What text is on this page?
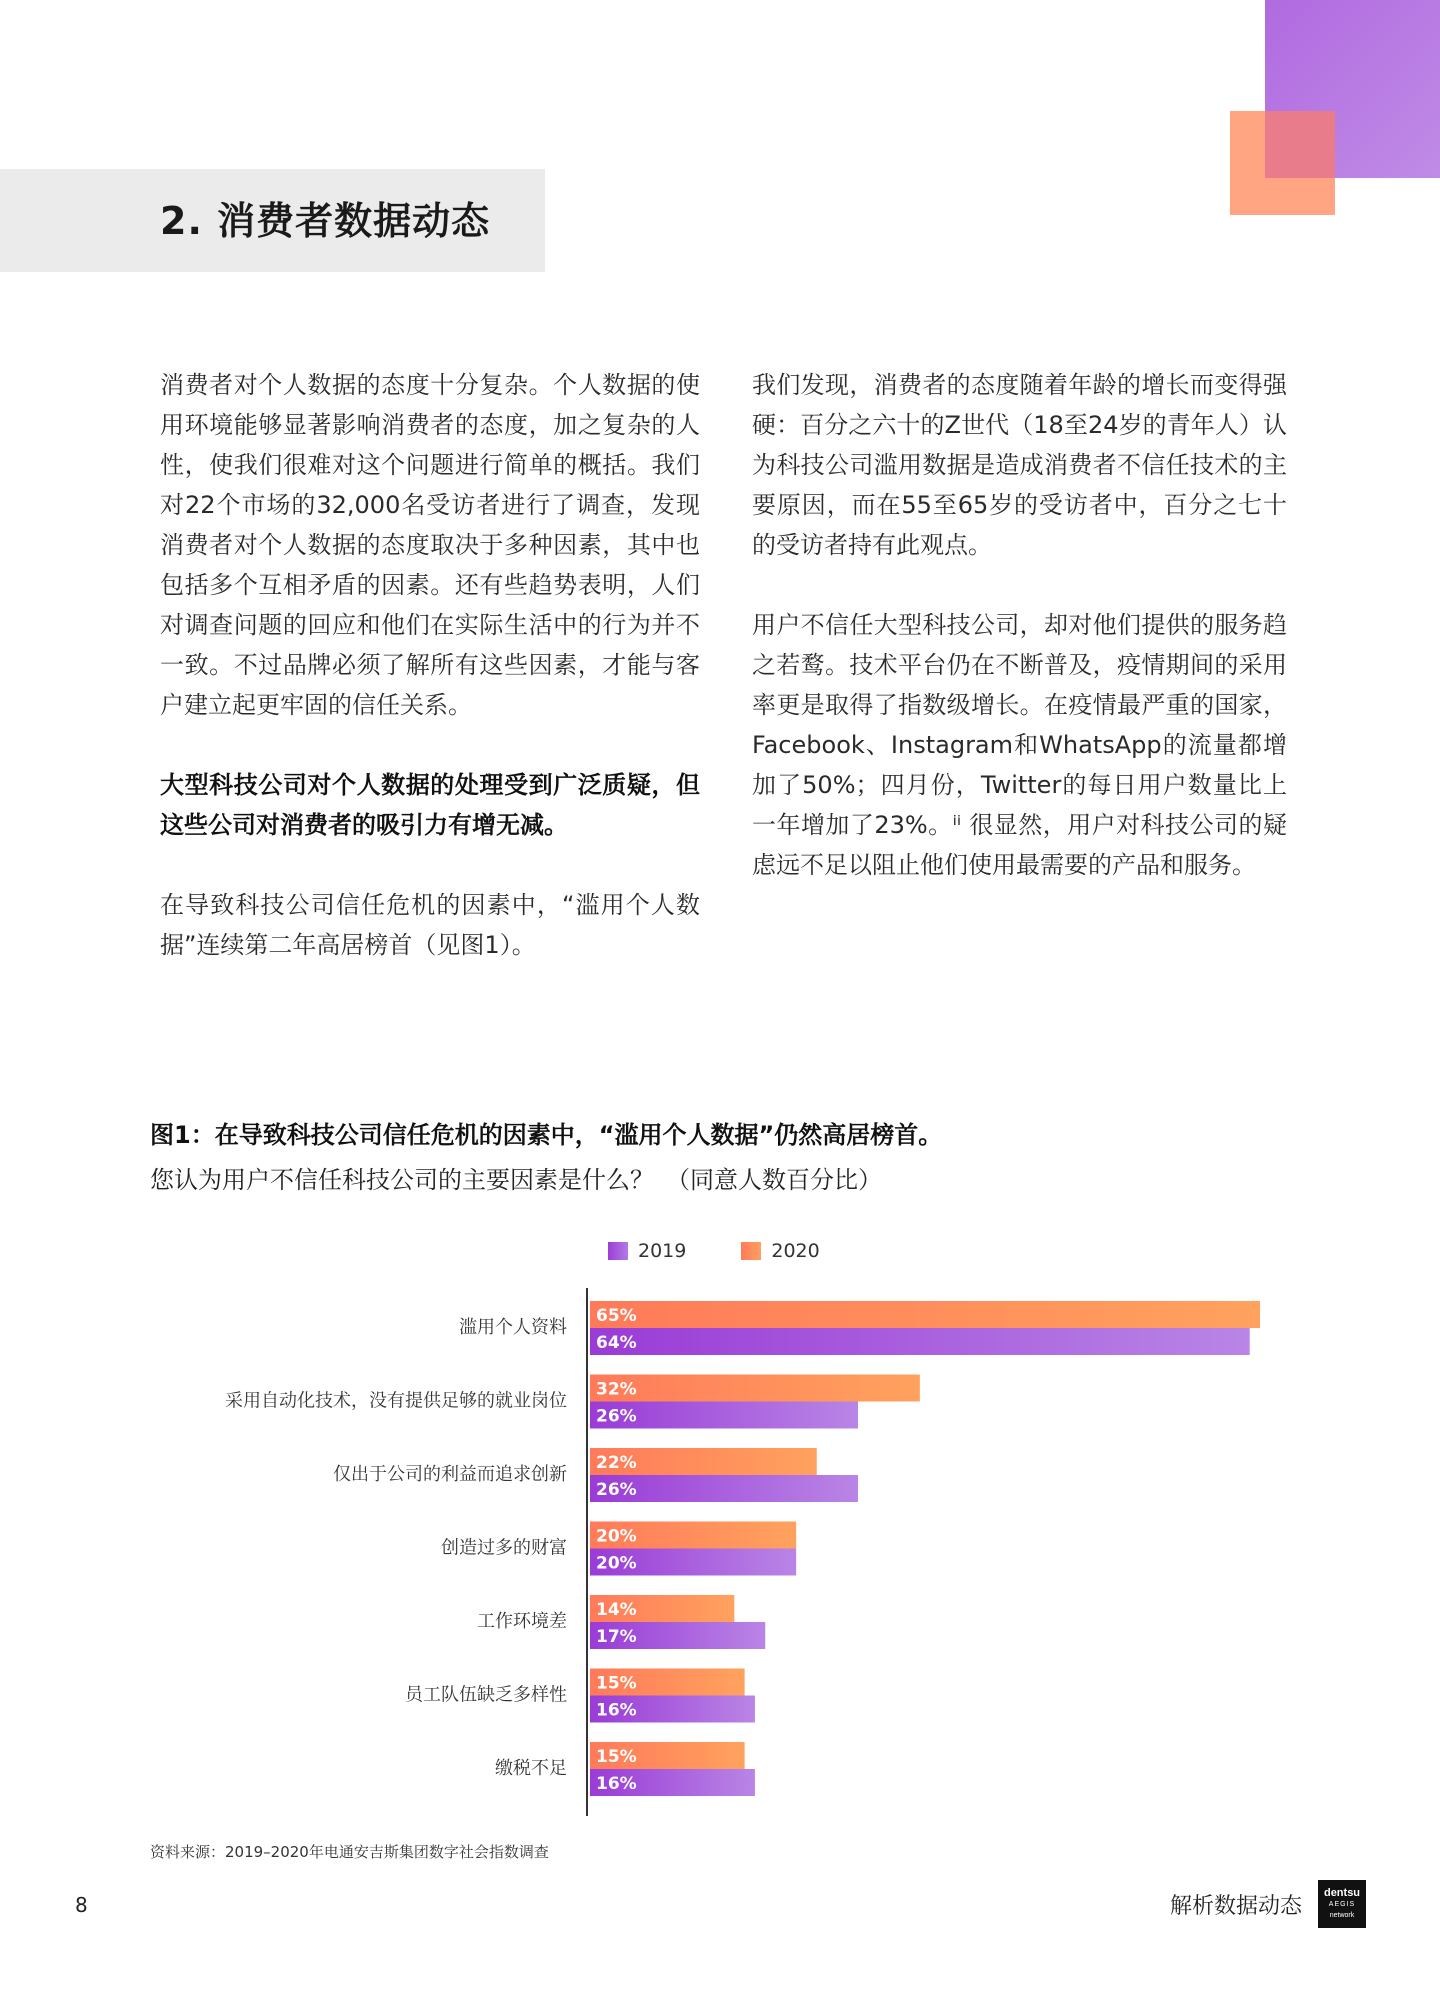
2. 消费者数据动态

消费者对个人数据的态度十分复杂。个人数据的使用环境能够显著影响消费者的态度，加之复杂的人性，使我们很难对这个问题进行简单的概括。我们对22个市场的32,000名受访者进行了调查，发现消费者对个人数据的态度取决于多种因素，其中也包括多个互相矛盾的因素。还有些趋势表明，人们对调查问题的回应和他们在实际生活中的行为并不一致。不过品牌必须了解所有这些因素，才能与客户建立起更牢固的信任关系。

大型科技公司对个人数据的处理受到广泛质疑，但这些公司对消费者的吸引力有增无减。

在导致科技公司信任危机的因素中，“滥用个人数据”连续第二年高居榜首（见图1）。

我们发现，消费者的态度随着年龄的增长而变得强硬：百分之六十的Z世代（18至24岁的青年人）认为科技公司滥用数据是造成消费者不信任技术的主要原因，而在55至65岁的受访者中，百分之七十的受访者持有此观点。

用户不信任大型科技公司，却对他们提供的服务趋之若鹜。技术平台仍在不断普及，疫情期间的采用率更是取得了指数级增长。在疫情最严重的国家，Facebook、Instagram和WhatsApp的流量都增加了50%；四月份，Twitter的每日用户数量比上一年增加了23%。ⁱⁱ 很显然，用户对科技公司的疑虑远不足以阻止他们使用最需要的产品和服务。

图1：在导致科技公司信任危机的因素中，“滥用个人数据”仍然高居榜首。

您认为用户不信任科技公司的主要因素是什么？　（同意人数百分比）

2019	2020
滥用个人资料
65%
64%
采用自动化技术，没有提供足够的就业岗位
32%
26%
仅出于公司的利益而追求创新
22%
26%
创造过多的财富
20%
20%
工作环境差
14%
17%
员工队伍缺乏多样性
15%
16%
缴税不足
15%
16%

资料来源：2019–2020年电通安吉斯集团数字社会指数调查

8	解析数据动态
dentsu
AEGIS
network
